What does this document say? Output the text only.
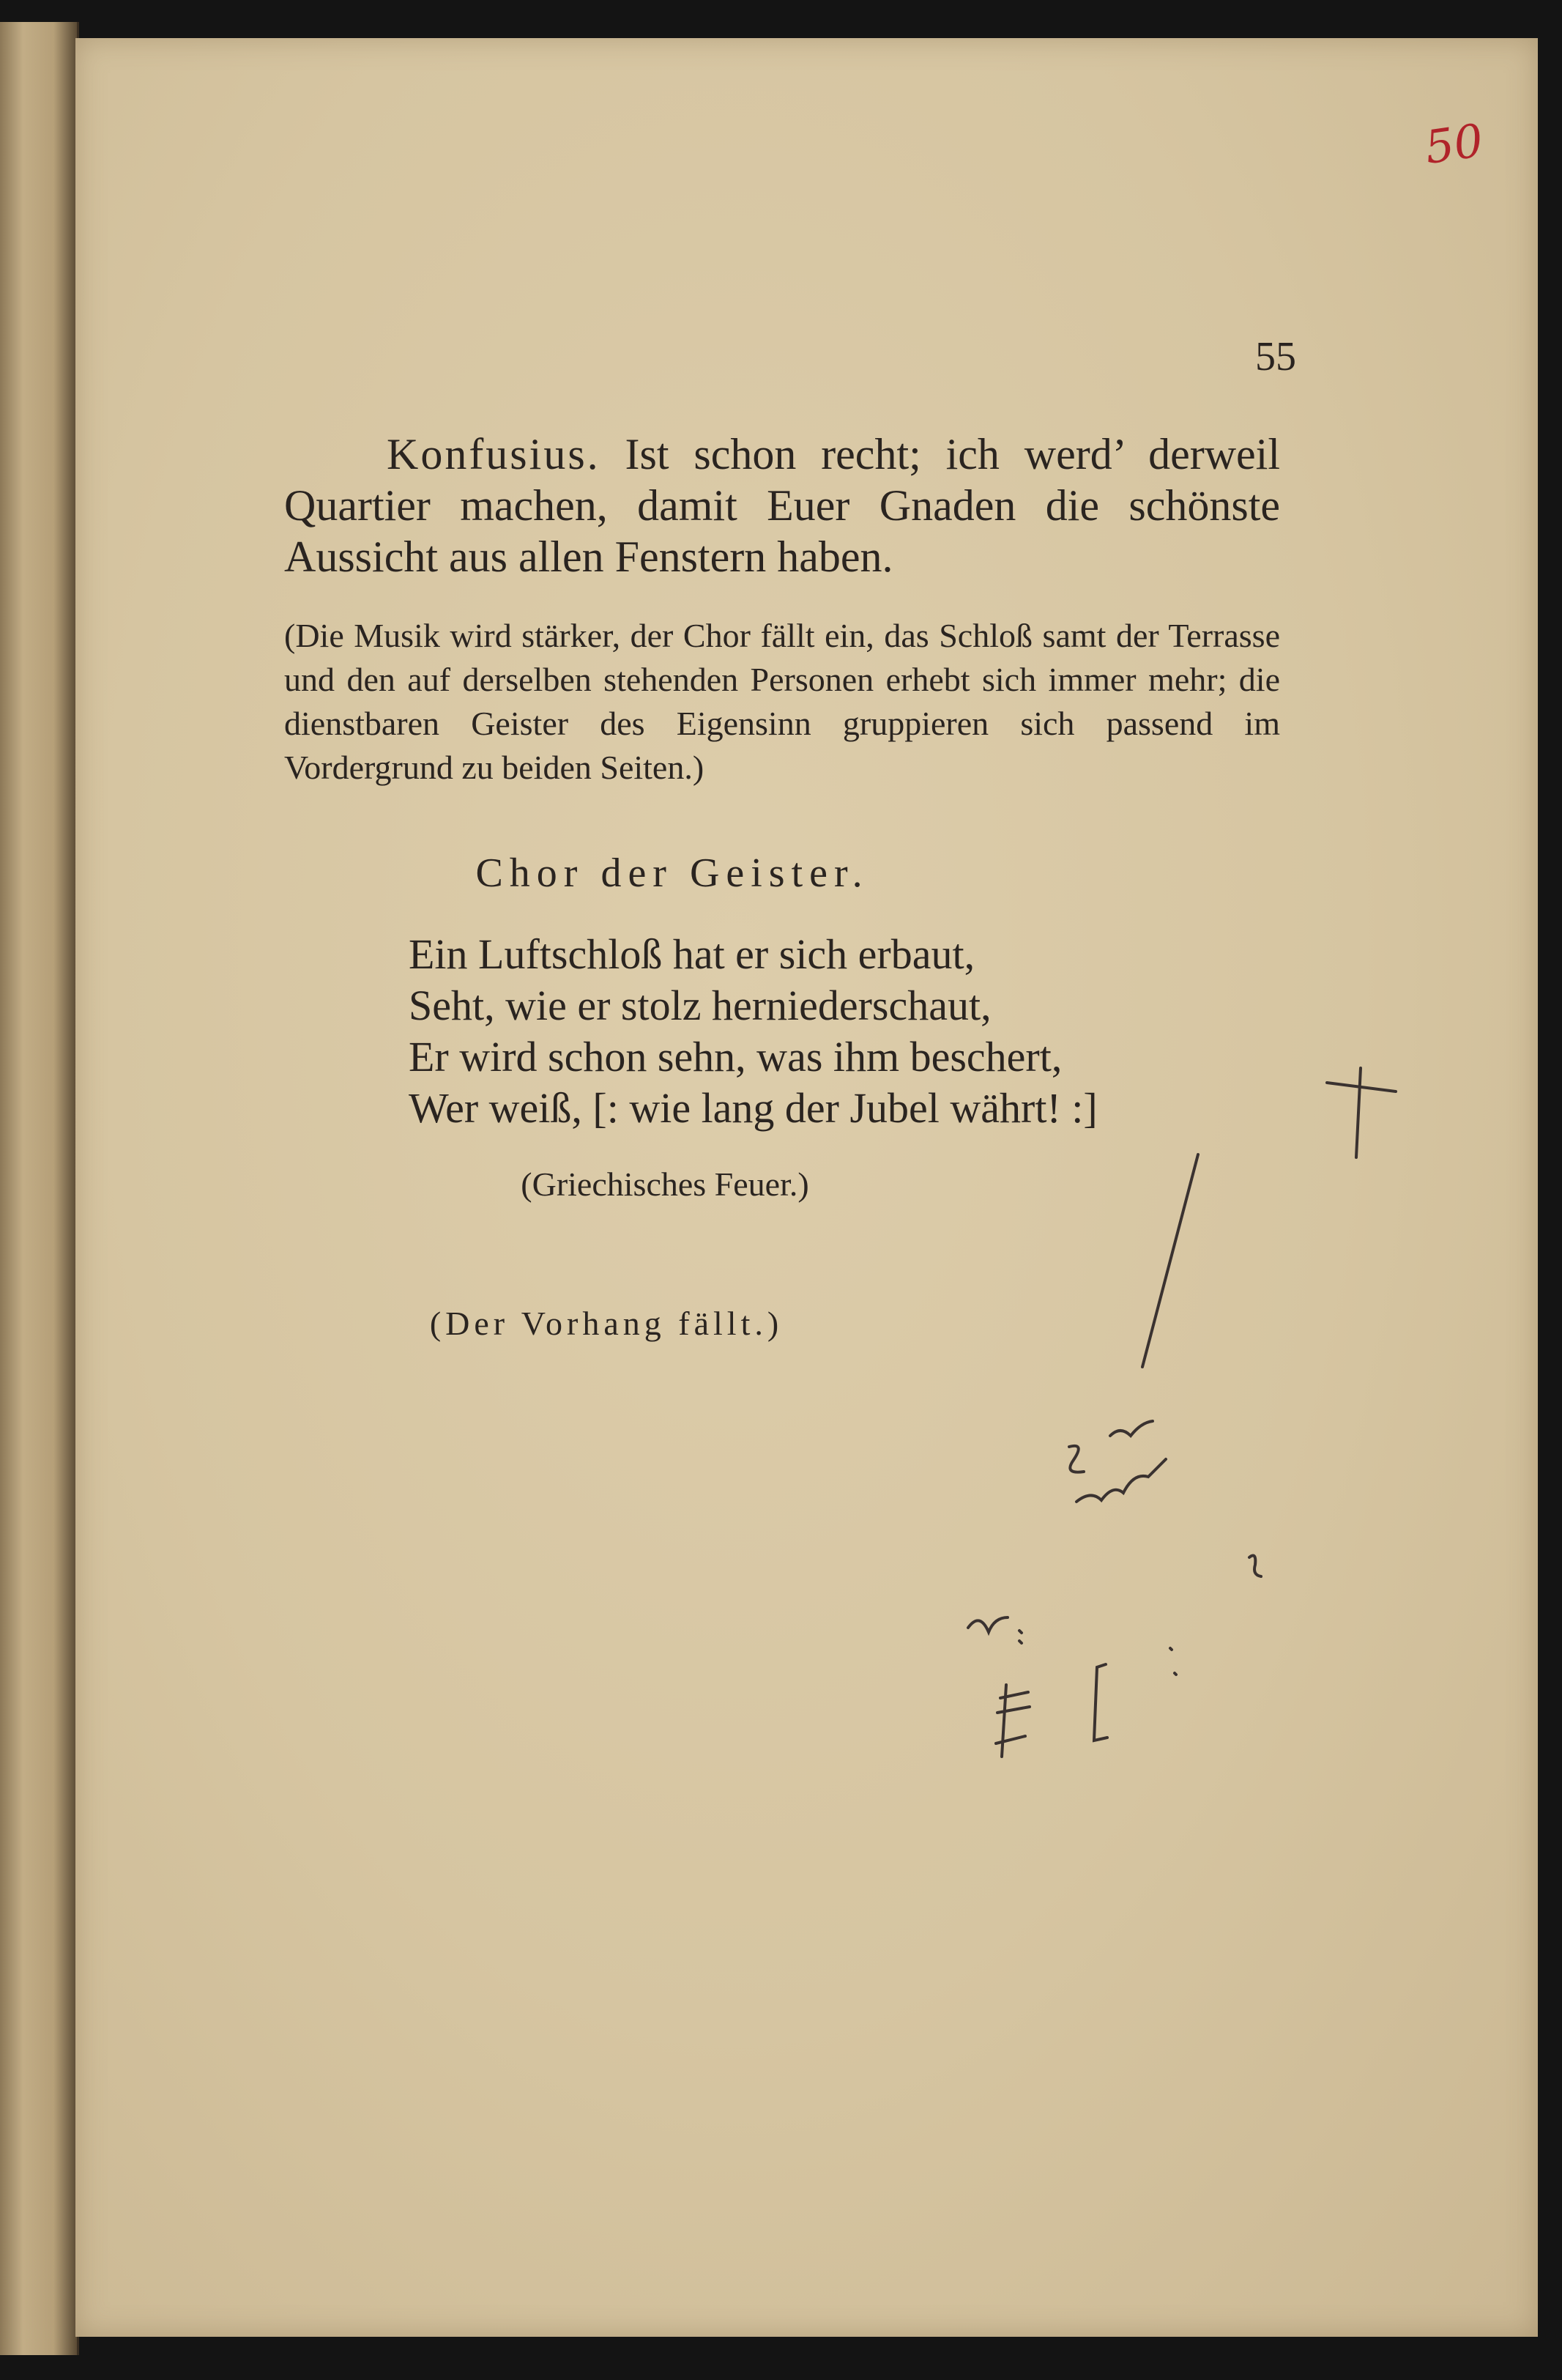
50
55
Konfusius. Ist schon recht; ich werd’ derweil Quartier machen, damit Euer Gnaden die schönste Aussicht aus allen Fenstern haben.
(Die Musik wird stärker, der Chor fällt ein, das Schloß samt der Terrasse und den auf derselben stehenden Personen erhebt sich immer mehr; die dienstbaren Geister des Eigensinn gruppieren sich passend im Vordergrund zu beiden Seiten.)
Chor der Geister.
Ein Luftschloß hat er sich erbaut,
Seht, wie er stolz herniederschaut,
Er wird schon sehn, was ihm beschert,
Wer weiß, [: wie lang der Jubel währt! :]
(Griechisches Feuer.)
(Der Vorhang fällt.)
